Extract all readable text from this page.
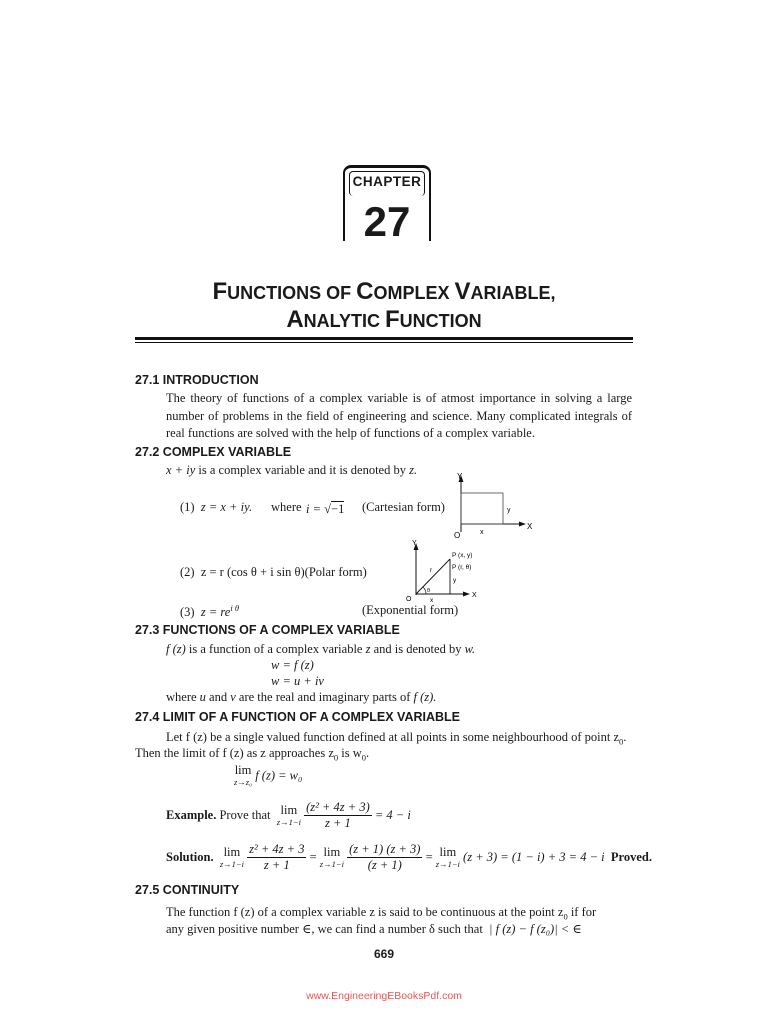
CHAPTER
27
FUNCTIONS OF COMPLEX VARIABLE,
ANALYTIC FUNCTION
27.1 INTRODUCTION
The theory of functions of a complex variable is of atmost importance in solving a large number of problems in the field of engineering and science. Many complicated integrals of real functions are solved with the help of functions of a complex variable.
27.2 COMPLEX VARIABLE
x + iy is a complex variable and it is denoted by z.
(1) z = x + iy. where i = √−1 (Cartesian form)
Y
X
O	x
y
(2) z = r (cos θ + i sin θ)(Polar form)
Y
X
O	x
y
r
θ
P (x, y)
P (r, θ)
(3) $z = re^{i \theta}$	(Exponential form)
27.3 FUNCTIONS OF A COMPLEX VARIABLE
f (z) is a function of a complex variable z and is denoted by w.
w = f (z)
w = u + iv
where u and v are the real and imaginary parts of f (z).
27.4 LIMIT OF A FUNCTION OF A COMPLEX VARIABLE
Let f (z) be a single valued function defined at all points in some neighbourhood of point $z_0$.
Then the limit of f (z) as z approaches $z_0$ is $w_0$.
lim
z→z₀ f (z) = w₀
Example. Prove that lim
z→1−i
$\frac{\text{(z² + 4z + 3)}}{z + 1} = 4 - i$
Solution. lim
z→1−i
$\frac{\text{z² + 4z + 3}}{z + 1} = \lim$
z→1−i
$\frac{(z + 1) (z + 3)}{(z + 1)} = \lim$
z→1−i (z + 3) = (1 − i) + 3 = 4 − i Proved.
27.5 CONTINUITY
The function f (z) of a complex variable z is said to be continuous at the point $z_0$ if for
any given positive number ∈, we can find a number δ such that | f (z) − f (z₀)| < ∈
669
www.EngineeringEBooksPdf.com
